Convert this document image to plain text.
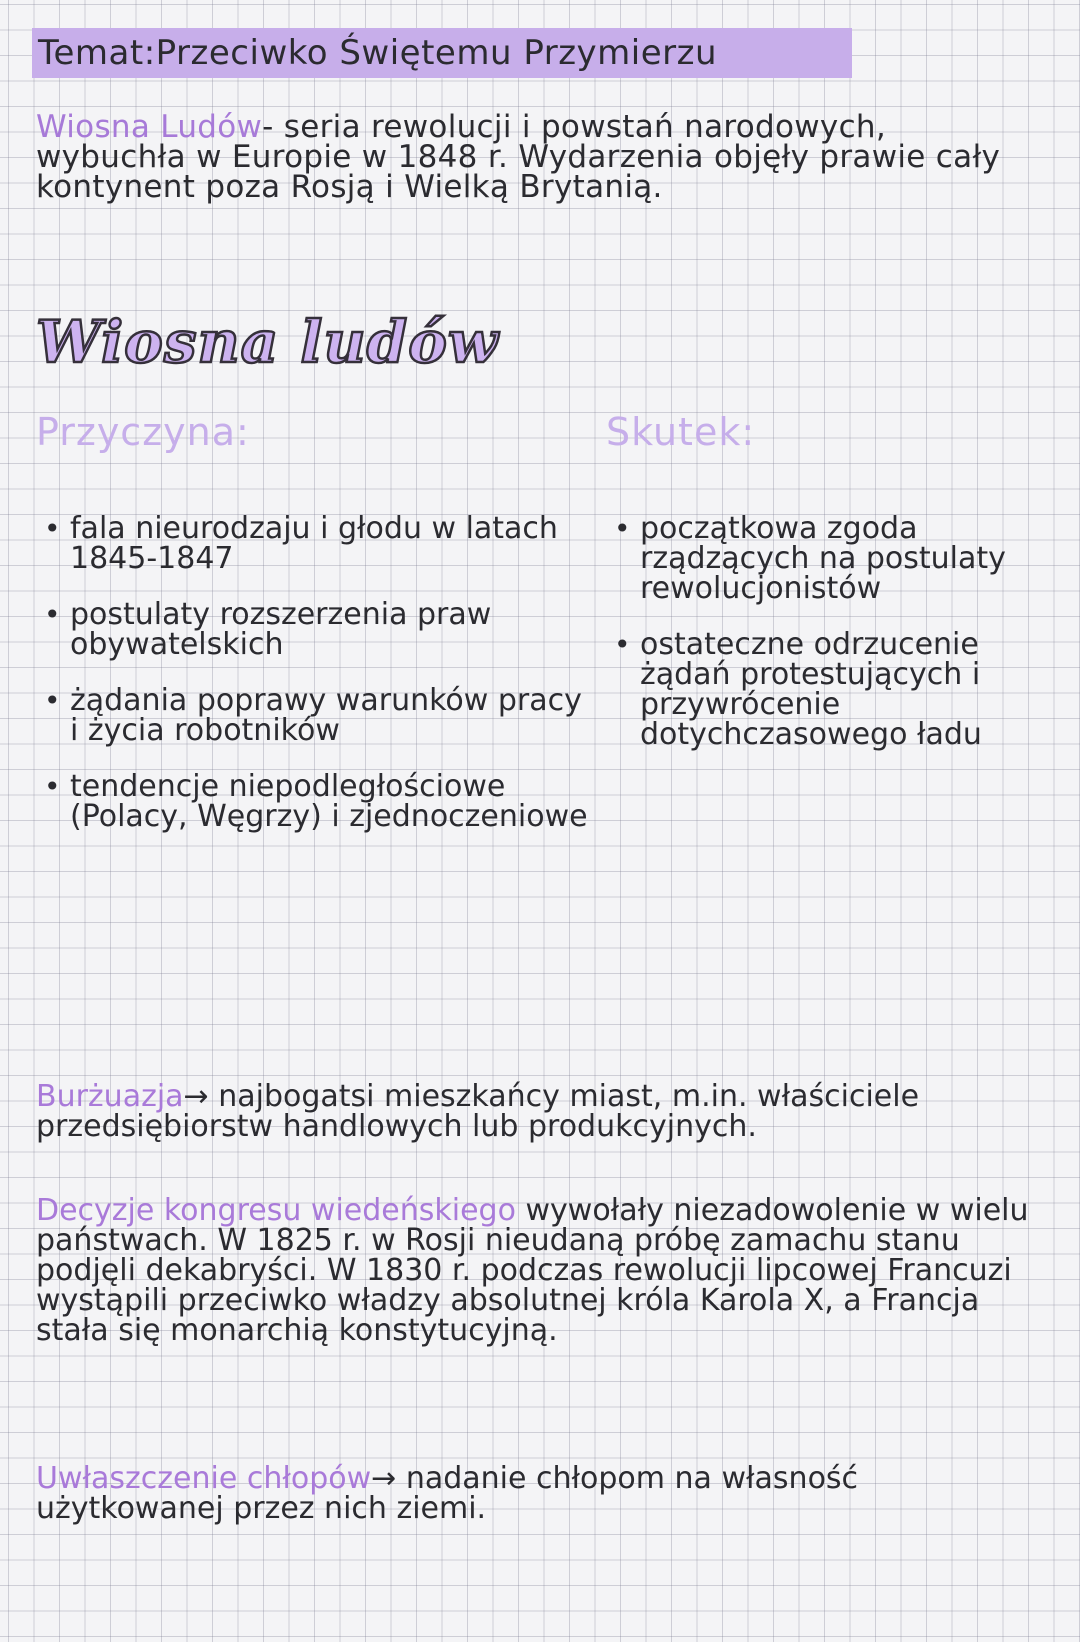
Temat:Przeciwko Świętemu Przymierzu
Wiosna Ludów- seria rewolucji i powstań narodowych, wybuchła w Europie w 1848 r. Wydarzenia objęły prawie cały kontynent poza Rosją i Wielką Brytanią.
Wiosna ludów
Przyczyna:
• fala nieurodzaju i głodu w latach 1845-1847
• postulaty rozszerzenia praw obywatelskich
• żądania poprawy warunków pracy i życia robotników
• tendencje niepodległościowe (Polacy, Węgrzy) i zjednoczeniowe
Skutek:
• początkowa zgoda rządzących na postulaty rewolucjonistów
• ostateczne odrzucenie żądań protestujących i przywrócenie dotychczasowego ładu
Burżuazja→ najbogatsi mieszkańcy miast, m.in. właściciele przedsiębiorstw handlowych lub produkcyjnych.
Decyzje kongresu wiedeńskiego wywołały niezadowolenie w wielu państwach. W 1825 r. w Rosji nieudaną próbę zamachu stanu podjęli dekabryści. W 1830 r. podczas rewolucji lipcowej Francuzi wystąpili przeciwko władzy absolutnej króla Karola X, a Francja stała się monarchią konstytucyjną.
Uwłaszczenie chłopów→ nadanie chłopom na własność użytkowanej przez nich ziemi.
